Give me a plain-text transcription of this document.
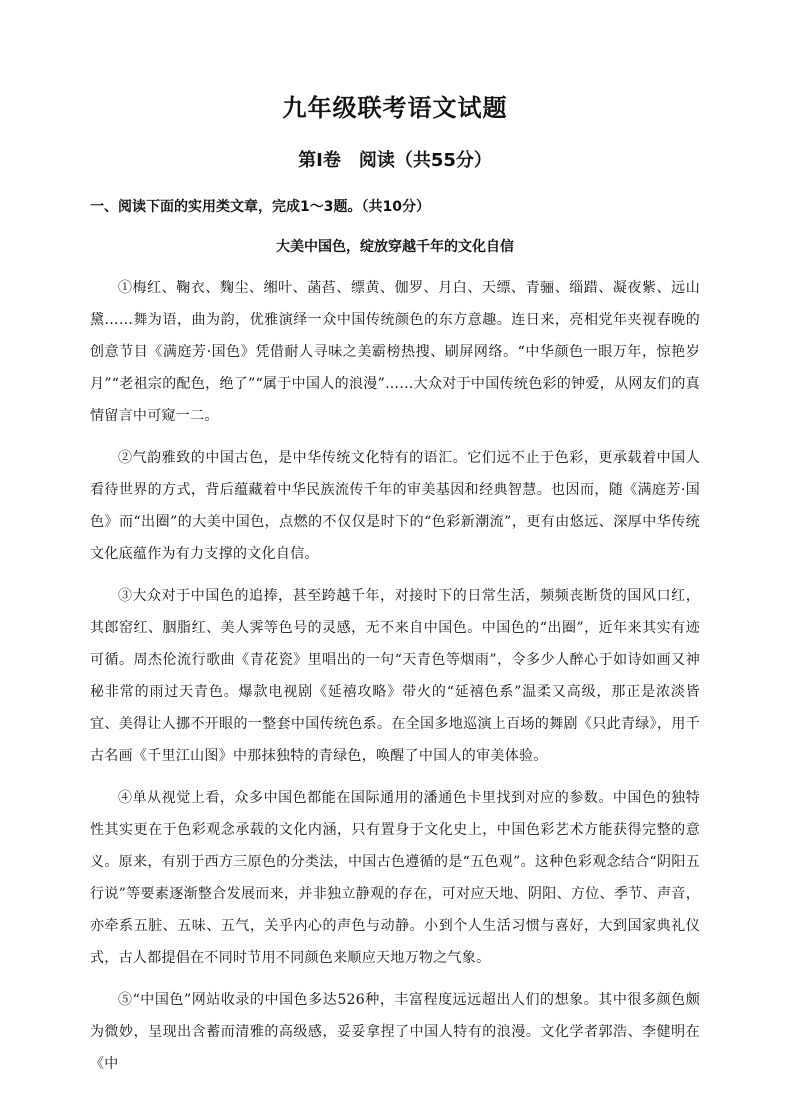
九年级联考语文试题
第Ⅰ卷　阅读（共55分）

一、阅读下面的实用类文章，完成1～3题。（共10分）

大美中国色，绽放穿越千年的文化自信

①梅红、鞠衣、麴尘、缃叶、菡萏、缥黄、伽罗、月白、天缥、青骊、缁踖、凝夜紫、远山黛……舞为语，曲为韵，优雅演绎一众中国传统颜色的东方意趣。连日来，亮相党年夹视春晚的创意节目《满庭芳·国色》凭借耐人寻味之美霸榜热搜、刷屏网络。“中华颜色一眼万年，惊艳岁月”“老祖宗的配色，绝了”“属于中国人的浪漫”……大众对于中国传统色彩的钟爱，从网友们的真情留言中可窥一二。

②气韵雅致的中国古色，是中华传统文化特有的语汇。它们远不止于色彩，更承载着中国人看待世界的方式，背后蕴藏着中华民族流传千年的审美基因和经典智慧。也因而，随《满庭芳·国色》而“出圈”的大美中国色，点燃的不仅仅是时下的“色彩新潮流”，更有由悠远、深厚中华传统文化底蕴作为有力支撑的文化自信。

③大众对于中国色的追捧，甚至跨越千年，对接时下的日常生活，频频丧断货的国风口红，其郎窑红、胭脂红、美人霁等色号的灵感，无不来自中国色。中国色的“出圈”，近年来其实有迹可循。周杰伦流行歌曲《青花瓷》里唱出的一句“天青色等烟雨”，令多少人醉心于如诗如画又神秘非常的雨过天青色。爆款电视剧《延禧攻略》带火的“延禧色系”温柔又高级，那正是浓淡皆宜、美得让人挪不开眼的一整套中国传统色系。在全国多地巡演上百场的舞剧《只此青绿》，用千古名画《千里江山图》中那抹独特的青绿色，唤醒了中国人的审美体验。

④单从视觉上看，众多中国色都能在国际通用的潘通色卡里找到对应的参数。中国色的独特性其实更在于色彩观念承载的文化内涵，只有置身于文化史上，中国色彩艺术方能获得完整的意义。原来，有别于西方三原色的分类法，中国古色遵循的是“五色观”。这种色彩观念结合“阴阳五行说”等要素逐渐整合发展而来，并非独立静观的存在，可对应天地、阴阳、方位、季节、声音，亦牵系五脏、五味、五气，关乎内心的声色与动静。小到个人生活习惯与喜好，大到国家典礼仪式，古人都提倡在不同时节用不同颜色来顺应天地万物之气象。

⑤“中国色”网站收录的中国色多达526种，丰富程度远远超出人们的想象。其中很多颜色颇为微妙，呈现出含蓄而清雅的高级感，妥妥拿捏了中国人特有的浪漫。文化学者郭浩、李健明在《中
